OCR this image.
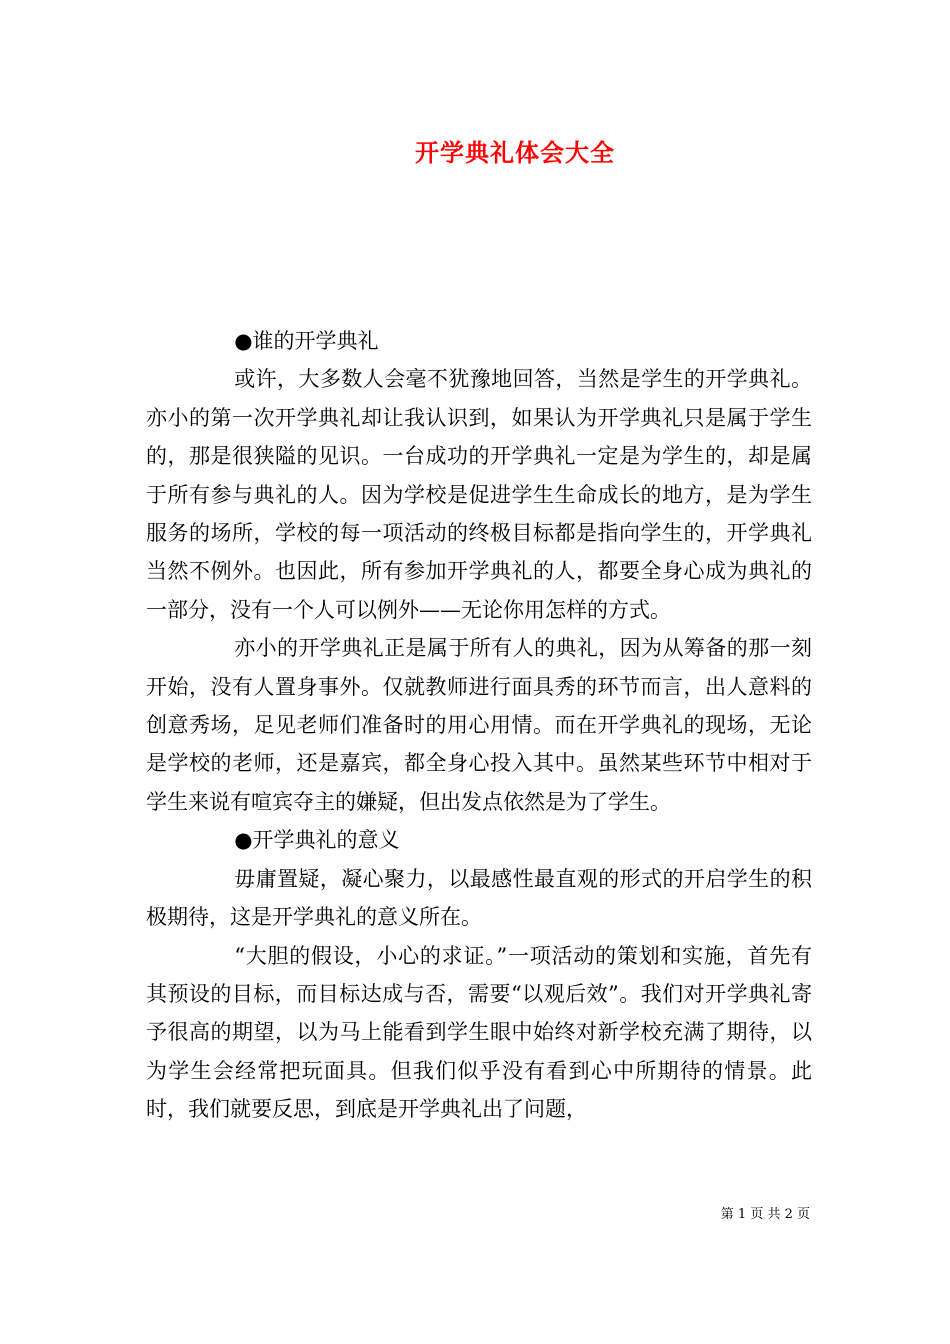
开学典礼体会大全

●谁的开学典礼

或许，大多数人会毫不犹豫地回答，当然是学生的开学典礼。亦小的第一次开学典礼却让我认识到，如果认为开学典礼只是属于学生的，那是很狭隘的见识。一台成功的开学典礼一定是为学生的，却是属于所有参与典礼的人。因为学校是促进学生生命成长的地方，是为学生服务的场所，学校的每一项活动的终极目标都是指向学生的，开学典礼当然不例外。也因此，所有参加开学典礼的人，都要全身心成为典礼的一部分，没有一个人可以例外——无论你用怎样的方式。

亦小的开学典礼正是属于所有人的典礼，因为从筹备的那一刻开始，没有人置身事外。仅就教师进行面具秀的环节而言，出人意料的创意秀场，足见老师们准备时的用心用情。而在开学典礼的现场，无论是学校的老师，还是嘉宾，都全身心投入其中。虽然某些环节中相对于学生来说有喧宾夺主的嫌疑，但出发点依然是为了学生。

●开学典礼的意义

毋庸置疑，凝心聚力，以最感性最直观的形式的开启学生的积极期待，这是开学典礼的意义所在。

“大胆的假设，小心的求证。”一项活动的策划和实施，首先有其预设的目标，而目标达成与否，需要“以观后效”。我们对开学典礼寄予很高的期望，以为马上能看到学生眼中始终对新学校充满了期待，以为学生会经常把玩面具。但我们似乎没有看到心中所期待的情景。此时，我们就要反思，到底是开学典礼出了问题，

第 1 页 共 2 页
